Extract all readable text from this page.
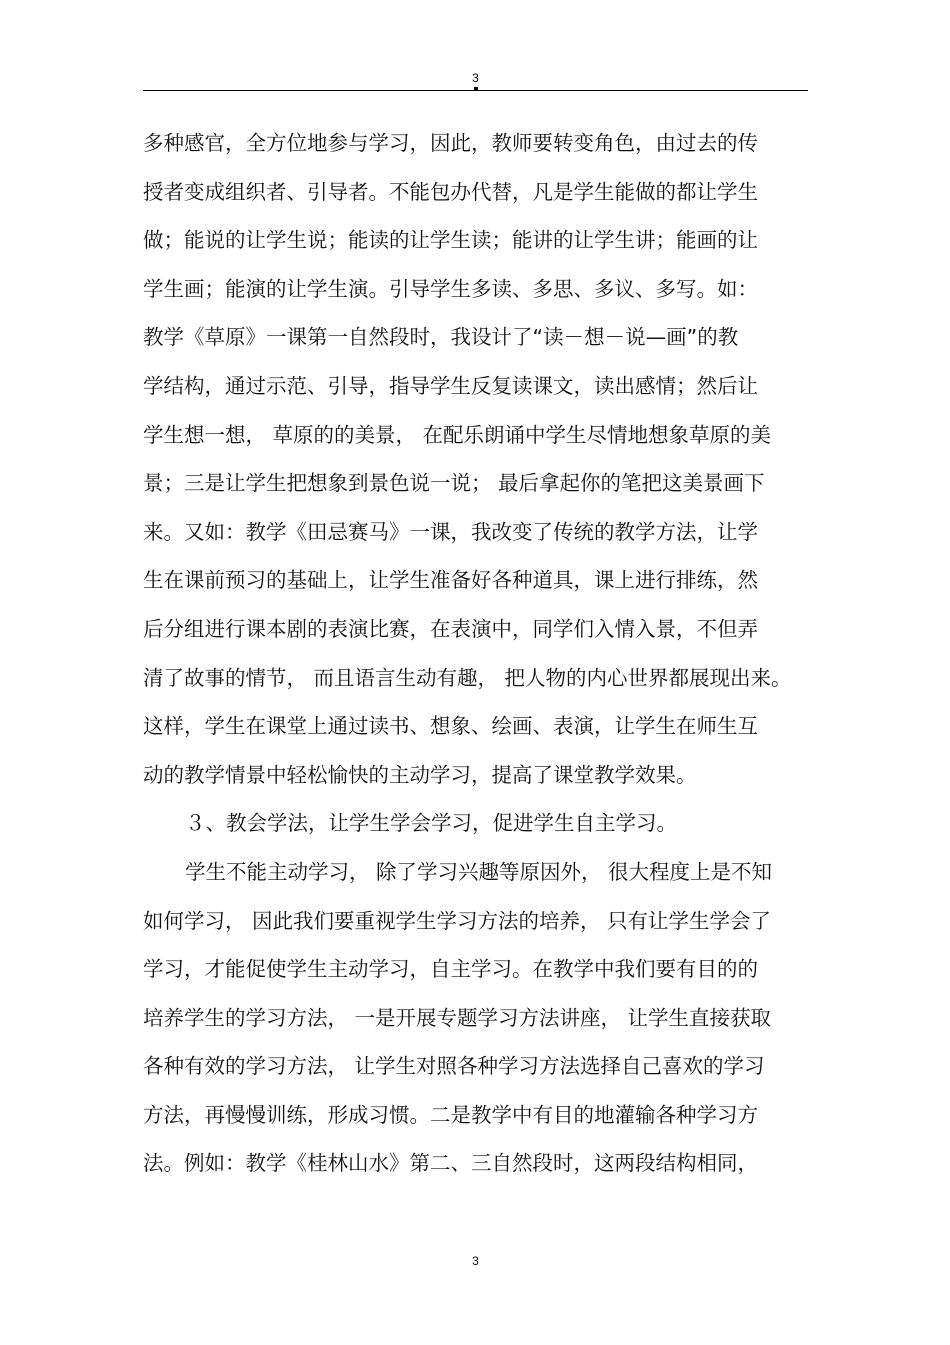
3
多种感官，全方位地参与学习，因此，教师要转变角色，由过去的传
授者变成组织者、引导者。不能包办代替，凡是学生能做的都让学生
做；能说的让学生说；能读的让学生读；能讲的让学生讲；能画的让
学生画；能演的让学生演。引导学生多读、多思、多议、多写。如：
教学《草原》一课第一自然段时，我设计了“读－想－说—画”的教
学结构，通过示范、引导，指导学生反复读课文，读出感情；然后让
学生想一想， 草原的的美景， 在配乐朗诵中学生尽情地想象草原的美
景；三是让学生把想象到景色说一说； 最后拿起你的笔把这美景画下
来。又如：教学《田忌赛马》一课，我改变了传统的教学方法，让学
生在课前预习的基础上，让学生准备好各种道具，课上进行排练，然
后分组进行课本剧的表演比赛，在表演中，同学们入情入景，不但弄
清了故事的情节， 而且语言生动有趣， 把人物的内心世界都展现出来。
这样，学生在课堂上通过读书、想象、绘画、表演，让学生在师生互
动的教学情景中轻松愉快的主动学习，提高了课堂教学效果。
３、教会学法，让学生学会学习，促进学生自主学习。
学生不能主动学习， 除了学习兴趣等原因外， 很大程度上是不知
如何学习， 因此我们要重视学生学习方法的培养， 只有让学生学会了
学习，才能促使学生主动学习，自主学习。在教学中我们要有目的的
培养学生的学习方法， 一是开展专题学习方法讲座， 让学生直接获取
各种有效的学习方法， 让学生对照各种学习方法选择自己喜欢的学习
方法，再慢慢训练，形成习惯。二是教学中有目的地灌输各种学习方
法。例如：教学《桂林山水》第二、三自然段时，这两段结构相同，
3
